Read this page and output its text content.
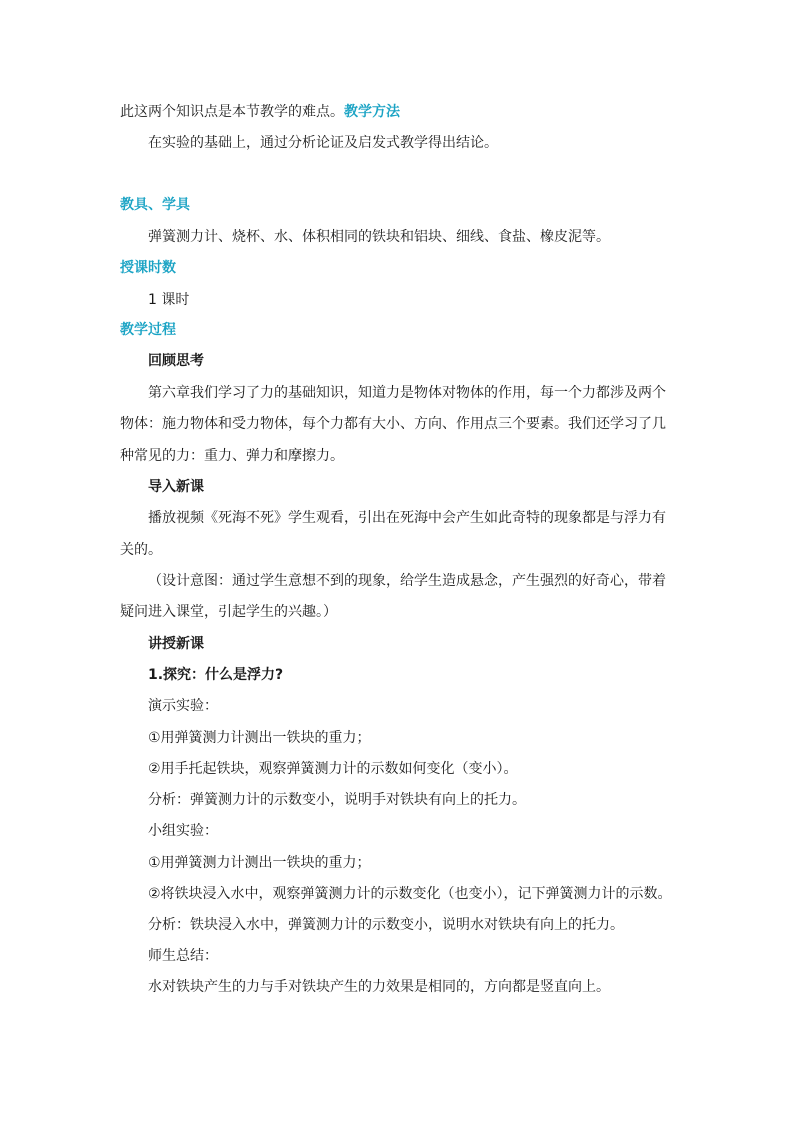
此这两个知识点是本节教学的难点。教学方法
在实验的基础上，通过分析论证及启发式教学得出结论。
教具、学具
弹簧测力计、烧杯、水、体积相同的铁块和铝块、细线、食盐、橡皮泥等。
授课时数
1 课时
教学过程
回顾思考
第六章我们学习了力的基础知识，知道力是物体对物体的作用，每一个力都涉及两个
物体：施力物体和受力物体，每个力都有大小、方向、作用点三个要素。我们还学习了几
种常见的力：重力、弹力和摩擦力。
导入新课
播放视频《死海不死》学生观看，引出在死海中会产生如此奇特的现象都是与浮力有
关的。
（设计意图：通过学生意想不到的现象，给学生造成悬念，产生强烈的好奇心，带着
疑问进入课堂，引起学生的兴趣。）
讲授新课
1.探究：什么是浮力?
演示实验：
①用弹簧测力计测出一铁块的重力；
②用手托起铁块，观察弹簧测力计的示数如何变化（变小）。
分析：弹簧测力计的示数变小，说明手对铁块有向上的托力。
小组实验：
①用弹簧测力计测出一铁块的重力；
②将铁块浸入水中，观察弹簧测力计的示数变化（也变小），记下弹簧测力计的示数。
分析：铁块浸入水中，弹簧测力计的示数变小，说明水对铁块有向上的托力。
师生总结：
水对铁块产生的力与手对铁块产生的力效果是相同的，方向都是竖直向上。
